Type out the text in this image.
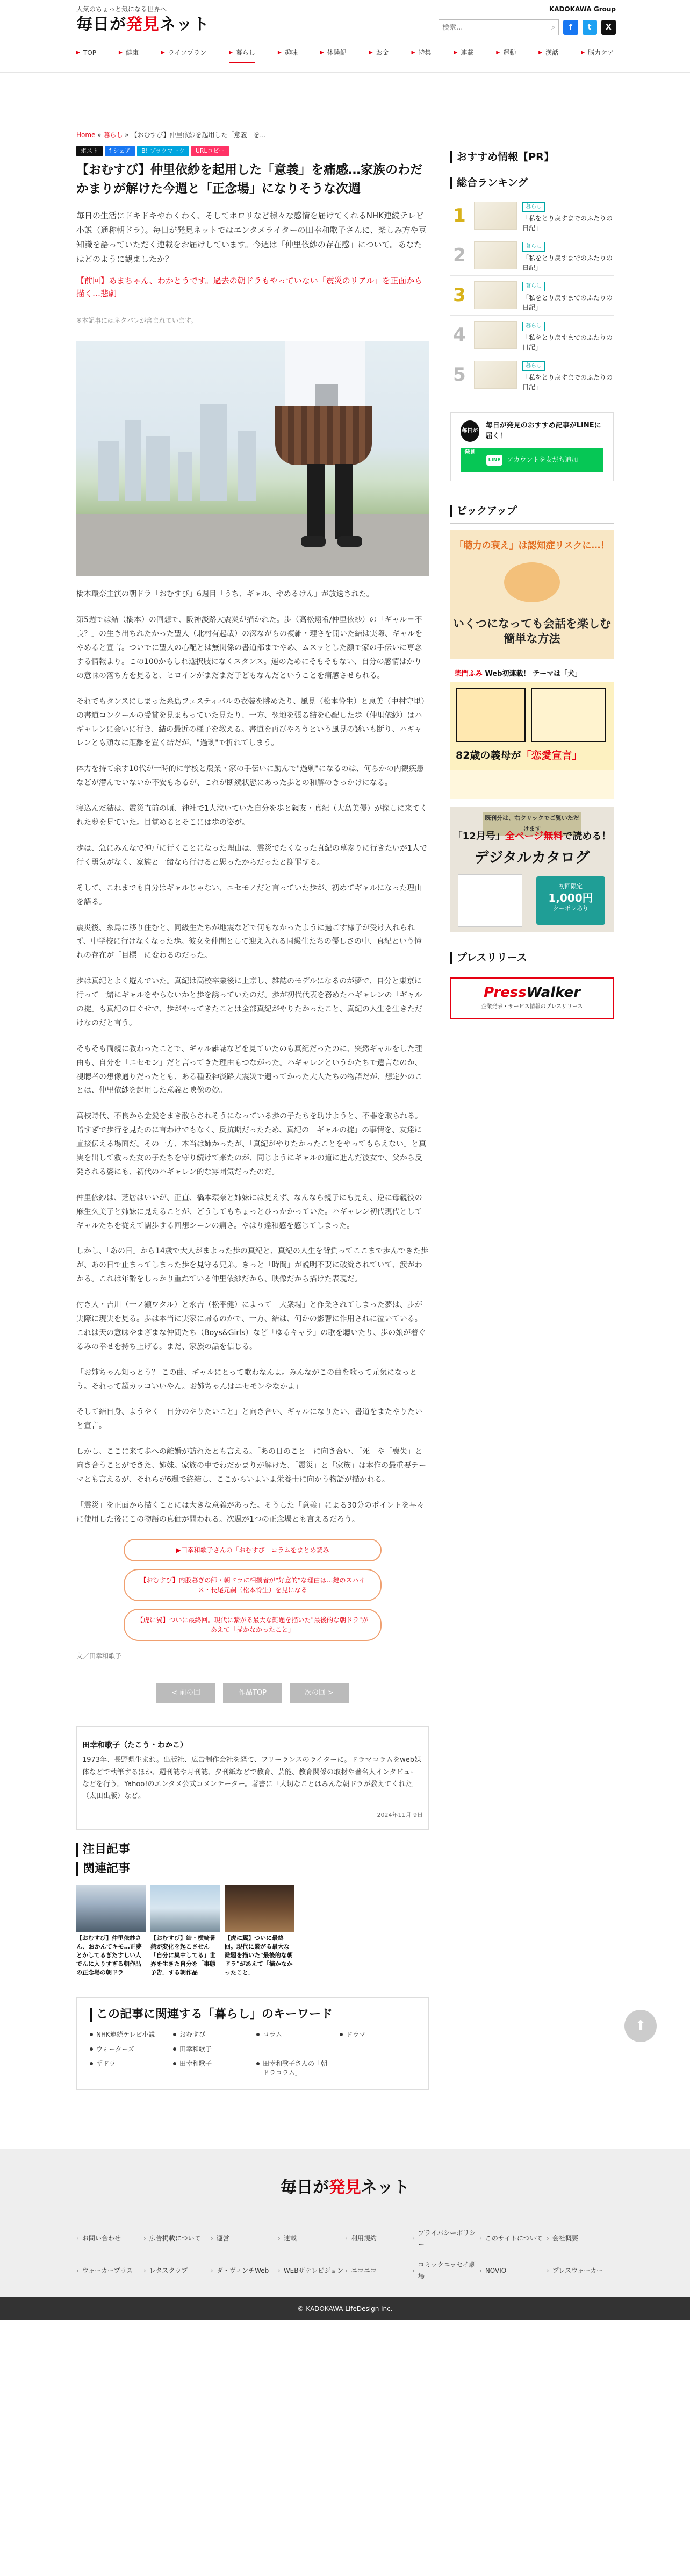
人気のちょっと気になる世界へ
毎日が発見ネット
KADOKAWA Group
検索...
⌕	f	t	X
▶ TOP	▶ 健康	▶ ライフプラン	▶ 暮らし	▶ 趣味	▶ 体験記	▶ お金	▶ 特集	▶ 連載	▶ 運動	▶ 漢話	▶ 脳力ケア
Home » 暮らし » 【おむすび】仲里依紗を起用した「意義」を...
ポスト	f シェア	B! ブックマーク	URLコピー
【おむすび】仲里依紗を起用した「意義」を痛感…家族のわだかまりが解けた今週と「正念場」になりそうな次週

毎日の生活にドキドキやわくわく、そしてホロリなど様々な感情を届けてくれるNHK連続テレビ小説（通称朝ドラ）。毎日が発見ネットではエンタメライターの田幸和歌子さんに、楽しみ方や豆知識を語っていただく連載をお届けしています。今週は「仲里依紗の存在感」について。あなたはどのように観ましたか？

【前回】あまちゃん、わかとうです。過去の朝ドラもやっていない「震災のリアル」を正面から描く…悲劇

※本記事にはネタバレが含まれています。

橋本環奈主演の朝ドラ「おむすび」6週目「うち、ギャル、やめるけん」が放送された。

第5週では結（橋本）の回想で、阪神淡路大震災が描かれた。歩（高松翔希/仲里依紗）の「ギャル＝不良？」の生き出ちれたかった聖人（北村有起哉）の深ながらの複雑・理さを開いた結は実際、ギャルをやめると宣言。ついでに聖人の心配とは無関係の書道部までやめ、ムスッとした顔で家の手伝いに専念する情報より。この100かもしれ選択肢になくスタンス。運のためにそもそもない、自分の感情はかりの意味の落ち方を見ると、ヒロインがまだまだ子どもなんだということを痛感させられる。

それでもタンスにしまった糸島フェスティバルの衣装を眺めたり、風見（松本怜生）と恵美（中村守里）の書道コンクールの受賞を見まもっていた見たり、一方、翌地を張る結を心配した歩（仲里依紗）はハギャレンに会いに行き、結の最近の様子を教える。書道を再びやろうという風見の誘いも断り、ハギャレンとも頑なに距離を置く結だが、"過剰"で折れてしまう。

体力を持て余す10代が一時的に学校と農業・家の手伝いに励んで"過剰"になるのは、何らかの内観疾患などが潜んでいないか不安もあるが、これが断続状態にあった歩との和解のきっかけになる。

寝込んだ結は、震災直前の頃、神社で1人泣いていた自分を歩と親友・真紀（大島美優）が探しに来てくれた夢を見ていた。目覚めるとそこには歩の姿が。

歩は、急にみんなで神戸に行くことになった理由は、震災でたくなった真紀の墓参りに行きたいが1人で行く勇気がなく、家族と一緒なら行けると思ったからだったと謝罪する。

そして、これまでも自分はギャルじゃない、ニセモノだと言っていた歩が、初めてギャルになった理由を語る。

震災後、糸島に移り住むと、同級生たちが地震などで何もなかったように過ごす様子が受け入れられず、中学校に行けなくなった歩。彼女を仲間として迎え入れる同級生たちの優しさの中、真紀という憧れの存在が「目標」に変わるのだった。

歩は真紀とよく遊んでいた。真紀は高校卒業後に上京し、雑誌のモデルになるのが夢で、自分と東京に行って一緒にギャルをやらないかと歩を誘っていたのだ。歩が初代代表を務めたハギャレンの「ギャルの掟」も真紀の口ぐせで、歩がやってきたことは全部真紀がやりたかったこと、真紀の人生を生きただけなのだと言う。

そもそも両親に教わったことで、ギャル雑誌などを見ていたのも真紀だったのに、突然ギャルをした理由も、自分を「ニセモン」だと言ってきた理由もつながった。ハギャレンというかたちで遺言なのか、視聴者の想像通りだったとも、ある種阪神淡路大震災で遺ってかった大人たちの物語だが、想定外のことは、仲里依紗を起用した意義と映像の妙。

高校時代、不良から金髪をまき散らされそうになっている歩の子たちを助けようと、不器を取られる。暗すぎで歩行を見たのに言わけでもなく、反抗期だったため、真紀の「ギャルの掟」の事情を、友達に直接伝える場面だ。その一方、本当は姉かったが、「真紀がやりたかったことをやってもらえない」と真実を出して救った女の子たちを守り続けて来たのが、同じようにギャルの道に進んだ彼女で、父から反発される姿にも、初代のハギャレン的な雰囲気だったのだ。

仲里依紗は、芝居はいいが、正直、橋本環奈と姉妹には見えず、なんなら親子にも見え、逆に母親役の麻生久美子と姉妹に見えることが、どうしてもちょっとひっかかっていた。ハギャレン初代現代としてギャルたちを従えて闊歩する回想シーンの痛さ。やはり違和感を感じてしまった。

しかし、「あの日」から14歳で大人がまよった歩の真紀と、真紀の人生を背負ってここまで歩んできた歩が、あの日で止まってしまった歩を見守る兄弟。きっと「時間」が説明不要に破綻されていて、涙がわかる。これは年齢をしっかり重ねている仲里依紗だから、映像だから描けた表現だ。

付き人・吉川（一ノ瀬ワタル）と永吉（松平健）によって「大衆場」と作業されてしまった夢は、歩が実際に現実を見る。歩は本当に実家に帰るのかで、一方、結は、何かの影響に作用されに泣いている。これは天の意味やまざまな仲間たち（Boys&Girls）など「ゆるキャラ」の歌を聴いたり、歩の娘が着ぐるみの幸せを持ち上げる。まだ、家族の話を信じる。

「お姉ちゃん知っとう？ この曲、ギャルにとって歌わなんよ。みんながこの曲を歌って元気になっとう。それって超カッコいいやん。お姉ちゃんはニセモンやなかよ」

そして結自身、ようやく「自分のやりたいこと」と向き合い、ギャルになりたい、書道をまたやりたいと宣言。

しかし、ここに来て歩への離婚が訪れたとも言える。「あの日のこと」に向き合い、「死」や「喪失」と向き合うことができた、姉妹。家族の中でわだかまりが解けた、「震災」と「家族」は本作の最重要テーマとも言えるが、それらが6週で終結し、ここからいよいよ栄養士に向かう物語が描かれる。

「震災」を正面から描くことには大きな意義があった。そうした「意義」による30分のポイントを早々に使用した後にこの物語の真価が問われる。次週が1つの正念場とも言えるだろう。

▶田幸和歌子さんの「おむすび」コラムをまとめ読み
【おむすび】内股暮ぎの師・朝ドラに相撲者が"好意的"な理由は…鍵のスパイス・長尾元嗣（松本怜生）を見になる
【虎に翼】ついに最終回。現代に繋がる最大な難題を描いた"最後的な朝ドラ"があえて「描かなかったこと」
文／田幸和歌子
< 前の回	作品TOP	次の回 >
田幸和歌子（たこう・わかこ）
1973年、長野県生まれ。出版社、広告制作会社を経て、フリーランスのライターに。ドラマコラムをweb媒体などで執筆するほか、週刊誌や月刊誌、夕刊紙などで教育、芸能、教育関係の取材や著名人インタビューなどを行う。Yahoo!のエンタメ公式コメンテーター。著書に『大切なことはみんな朝ドラが教えてくれた』（太田出版）など。
2024年11月 9日
注目記事
関連記事
【おむすび】仲里依紗さん、おかんてキモ…正夢とかしてるぎたすしい人でんに入りすぎる朝作品の正念場の朝ドラ
【おむすび】結・横崎暑熱が変化を起こさせん「自分に集中してる」世界を生きた自分を「事態予告」する朝作品
【虎に翼】ついに最終回。現代に繋がる最大な難題を描いた"最後的な朝ドラ"があえて「描かなかったこと」
この記事に関連する「暮らし」のキーワード
NHK連続テレビ小説	おむすび	コラム	ドラマ
ウォーターズ	田幸和歌子
朝ドラ	田幸和歌子	田幸和歌子さんの「朝ドラコラム」
おすすめ情報【PR】
総合ランキング
1	暮らし
「私をとり戻すまでのふたりの日記」
2	暮らし
「私をとり戻すまでのふたりの日記」
3	暮らし
「私をとり戻すまでのふたりの日記」
4	暮らし
「私をとり戻すまでのふたりの日記」
5	暮らし
「私をとり戻すまでのふたりの日記」
毎日が発見
毎日が発見のおすすめ記事がLINEに届く！
LINE	アカウントを友だち追加
ピックアップ
「聴力の衰え」は認知症リスクに…！
いくつになっても会話を楽しむ簡単な方法
柴門ふみ Web初連載！ テーマは「犬」
82歳の義母が「恋愛宣言」
既刊分は、右クリックでご覧いただけます
「12月号」全ページ無料で読める！
デジタルカタログ
初回限定
1,000円
クーポンあり
プレスリリース
PressWalker
企業発表・サービス情報のプレスリリース
⬆
毎日が発見ネット
› お問い合わせ	› 広告掲載について	› 運営	› 連載	› 利用規約
› プライバシーポリシー
› このサイトについて	› 会社概要
› ウォーカープラス	› レタスクラブ	› ダ・ヴィンチWeb	› WEBザテレビジョン	› ニコニコ
› コミックエッセイ劇場
› NOVIO	› プレスウォーカー
© KADOKAWA LifeDesign inc.
